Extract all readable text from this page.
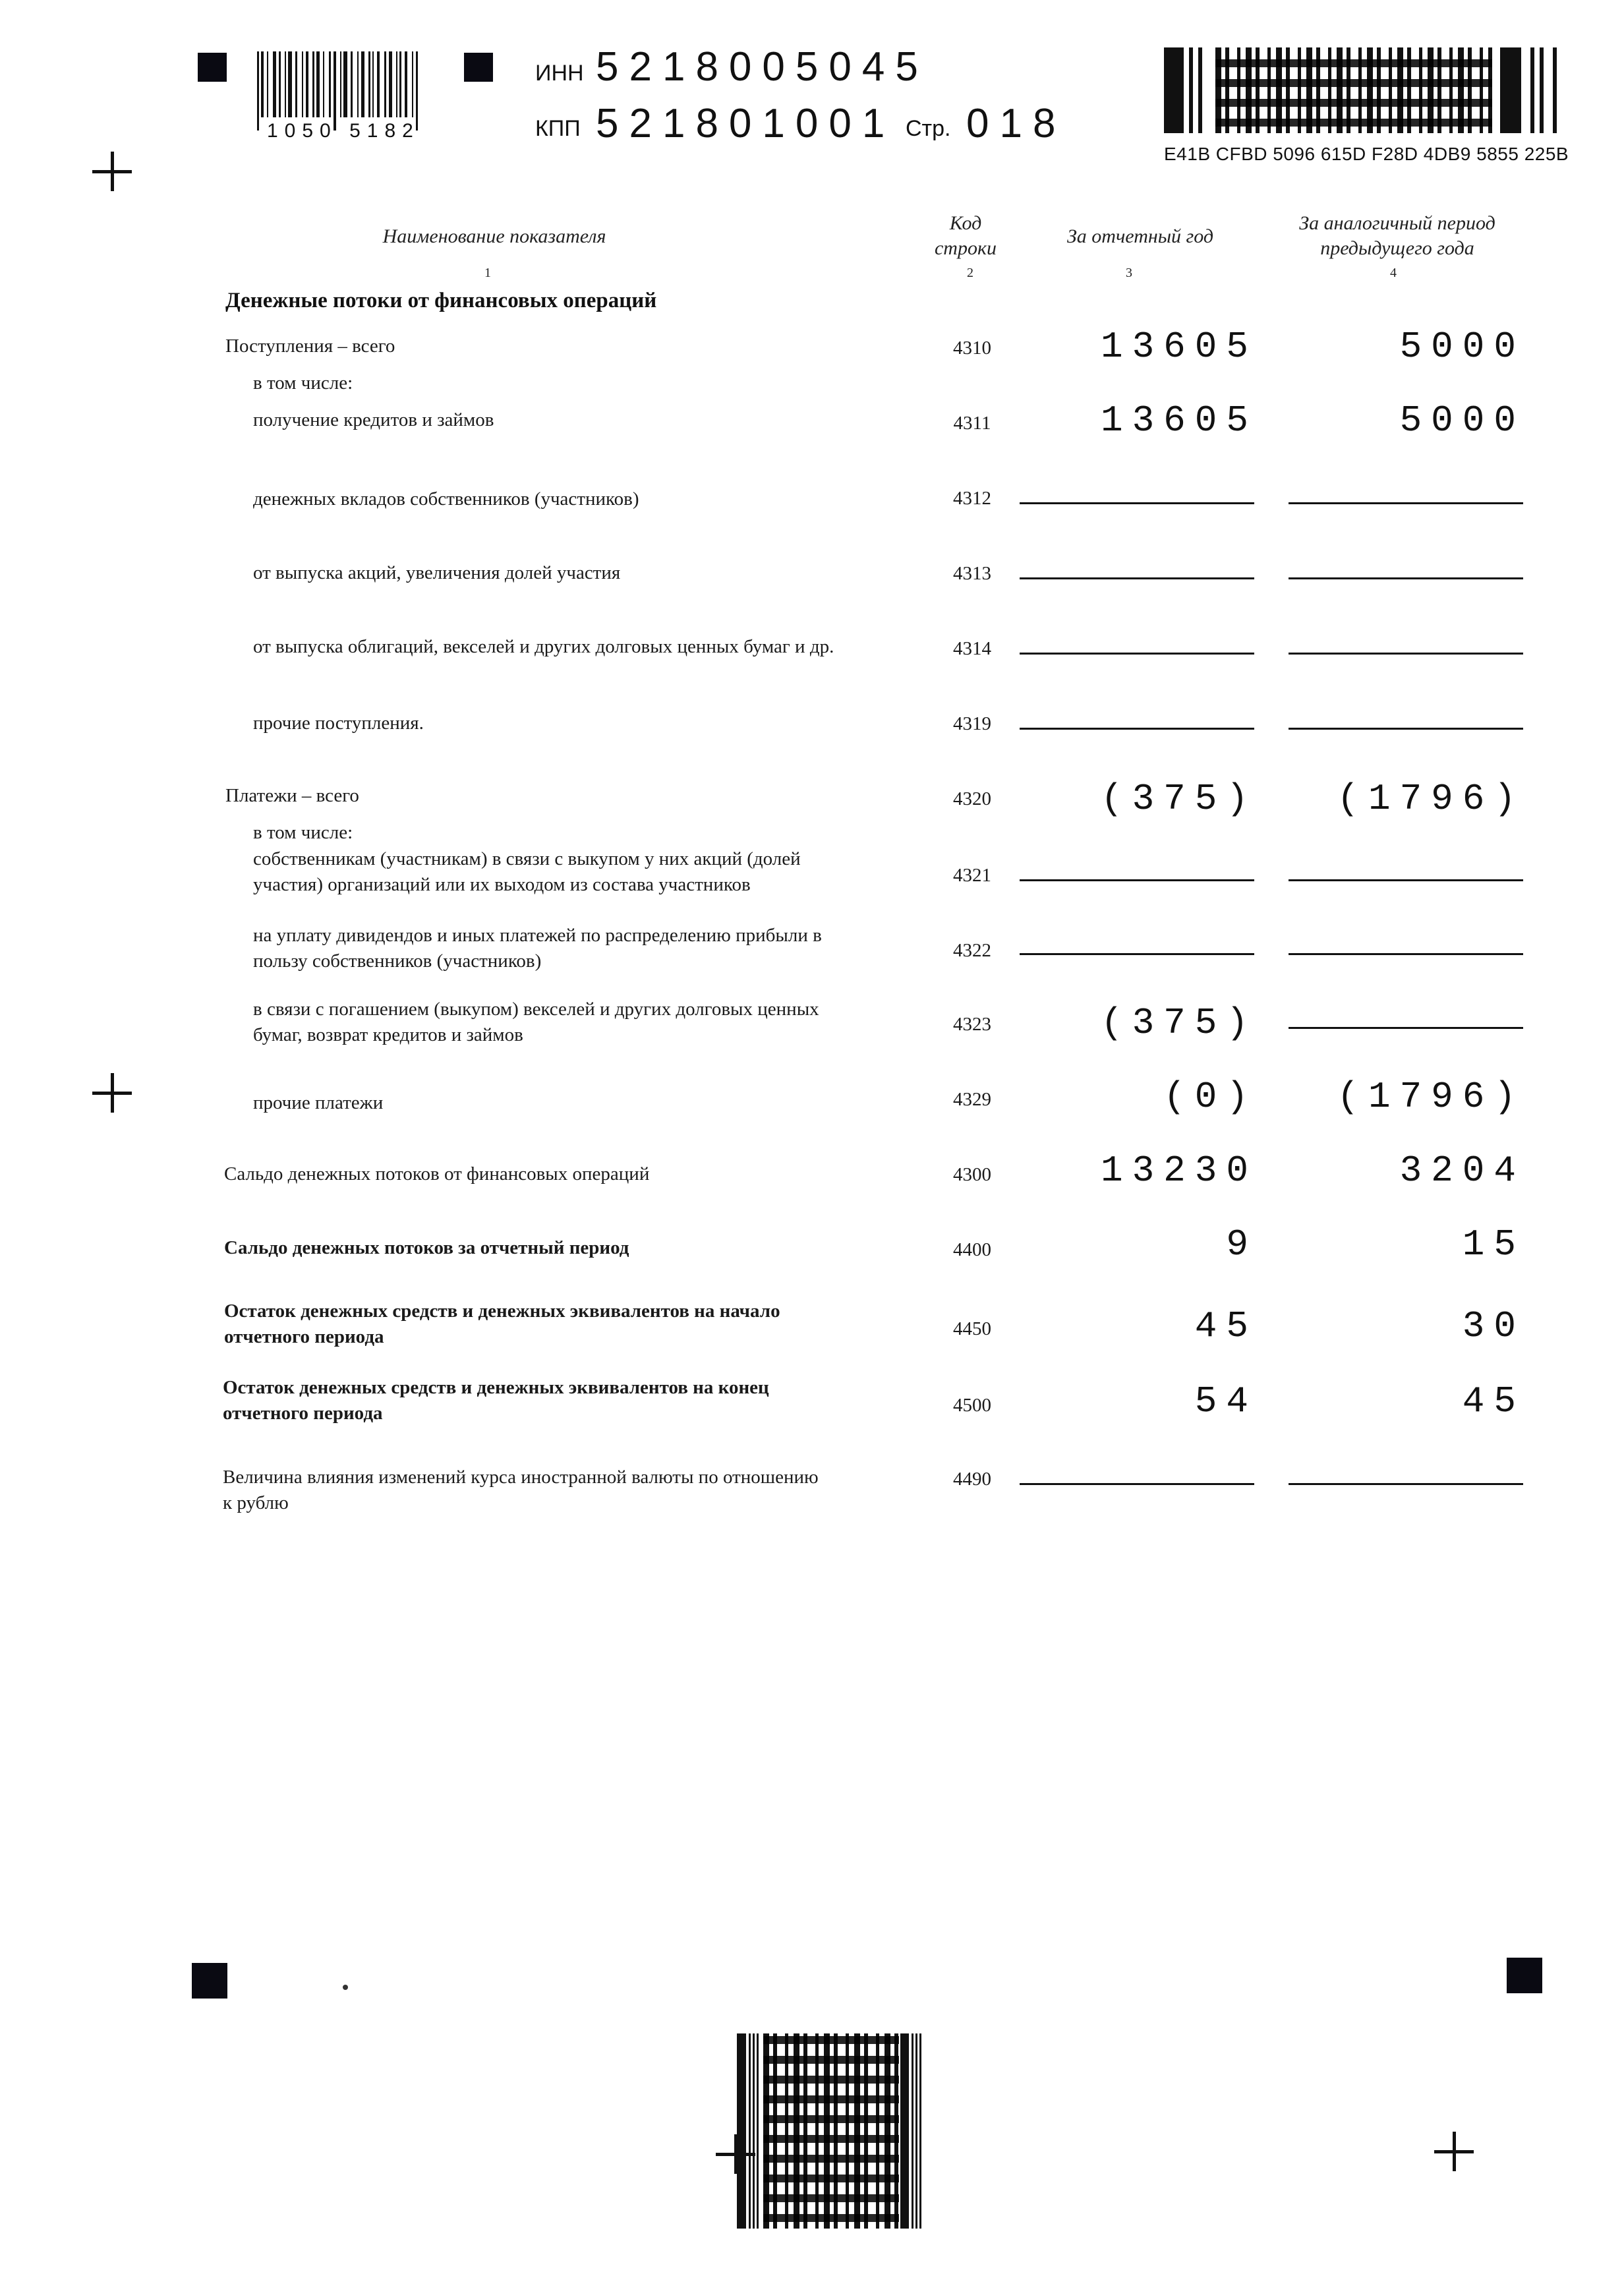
1050 5182
ИНН 5218005045
КПП 521801001 Стр. 018
E41B CFBD 5096 615D F28D 4DB9 5855 225B
Наименование показателя
Код
строки
За отчетный год
За аналогичный период
предыдущего года
1	2	3	4
Денежные потоки от финансовых операций
Поступления – всего	4310	13605	5000
в том числе:
получение кредитов и займов	4311	13605	5000
денежных вкладов собственников (участников)	4312
от выпуска акций, увеличения долей участия	4313
от выпуска облигаций, векселей и других долговых ценных бумаг и др.	4314
прочие поступления.	4319
Платежи – всего	4320	(375)	(1796)
в том числе:
собственникам (участникам) в связи с выкупом у них акций (долей
участия) организаций или их выходом из состава участников	4321
на уплату дивидендов и иных платежей по распределению прибыли в
пользу собственников (участников)	4322
в связи с погашением (выкупом) векселей и других долговых ценных
бумаг, возврат кредитов и займов	4323	(375)
прочие платежи	4329	(0)	(1796)
Сальдо денежных потоков от финансовых операций	4300	13230	3204
Сальдо денежных потоков за отчетный период	4400	9	15
Остаток денежных средств и денежных эквивалентов на начало
отчетного периода	4450	45	30
Остаток денежных средств и денежных эквивалентов на конец
отчетного периода	4500	54	45
Величина влияния изменений курса иностранной валюты по отношению
к рублю
4490
